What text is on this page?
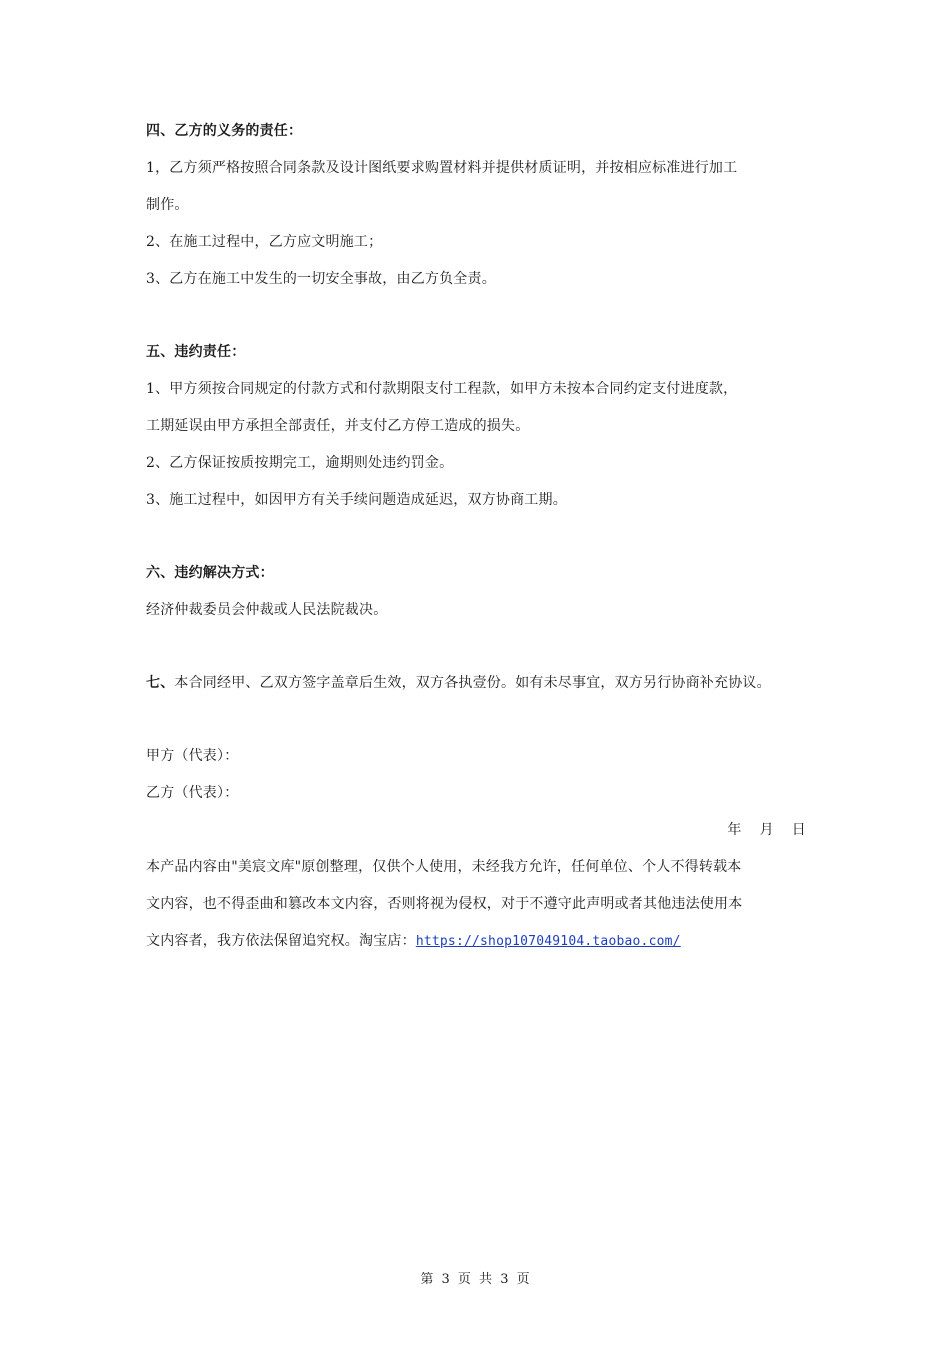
四、乙方的义务的责任：
1，乙方须严格按照合同条款及设计图纸要求购置材料并提供材质证明，并按相应标准进行加工
制作。
2、在施工过程中，乙方应文明施工；
3、乙方在施工中发生的一切安全事故，由乙方负全责。
五、违约责任：
1、甲方须按合同规定的付款方式和付款期限支付工程款，如甲方未按本合同约定支付进度款，
工期延误由甲方承担全部责任，并支付乙方停工造成的损失。
2、乙方保证按质按期完工，逾期则处违约罚金。
3、施工过程中，如因甲方有关手续问题造成延迟，双方协商工期。
六、违约解决方式：
经济仲裁委员会仲裁或人民法院裁决。
七、本合同经甲、乙双方签字盖章后生效，双方各执壹份。如有未尽事宜，双方另行协商补充协议。
甲方（代表）：
乙方（代表）：
年 月 日
本产品内容由"美宸文库"原创整理，仅供个人使用，未经我方允许，任何单位、个人不得转载本
文内容，也不得歪曲和篡改本文内容，否则将视为侵权，对于不遵守此声明或者其他违法使用本
文内容者，我方依法保留追究权。淘宝店：https://shop107049104.taobao.com/
第 3 页 共 3 页
